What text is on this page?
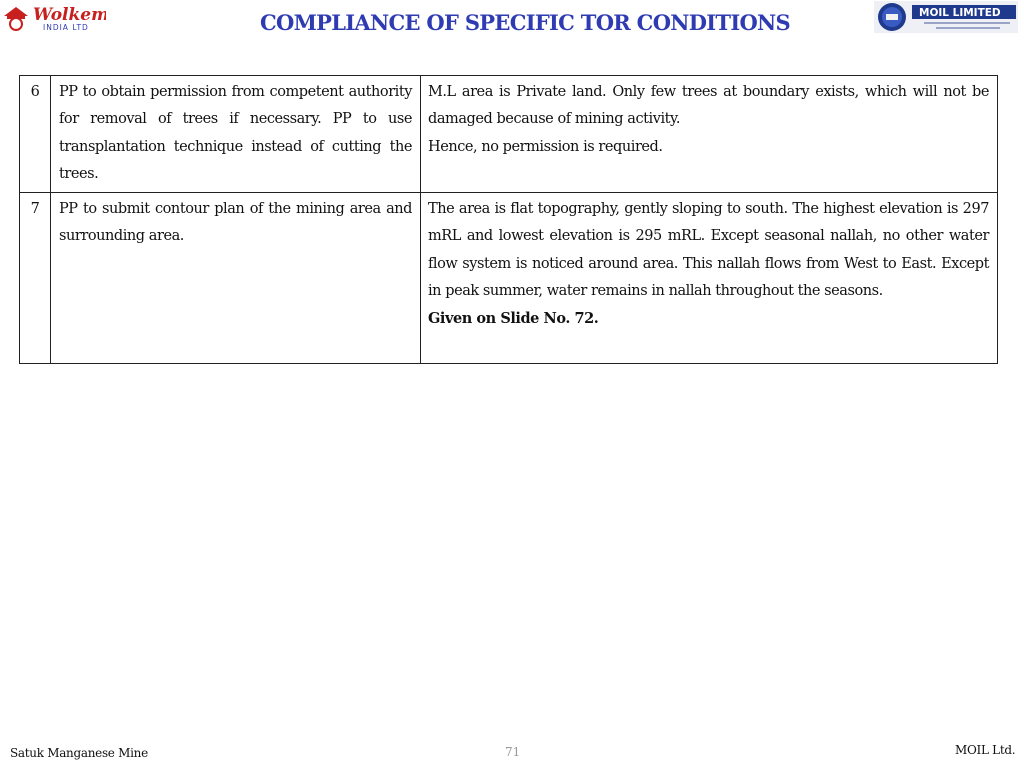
Wolkem
INDIA LTD	COMPLIANCE OF SPECIFIC TOR CONDITIONS	MOIL LIMITED
6	PP to obtain permission from competent authority for removal of trees if necessary. PP to use transplantation technique instead of cutting the trees.	M.L area is Private land. Only few trees at boundary exists, which will not be damaged because of mining activity.
Hence, no permission is required.

7	PP to submit contour plan of the mining area and surrounding area.	The area is flat topography, gently sloping to south. The highest elevation is 297 mRL and lowest elevation is 295 mRL. Except seasonal nallah, no other water flow system is noticed around area. This nallah flows from West to East. Except in peak summer, water remains in nallah throughout the seasons.
Given on Slide No. 72.
Satuk Manganese Mine	71	MOIL Ltd.
